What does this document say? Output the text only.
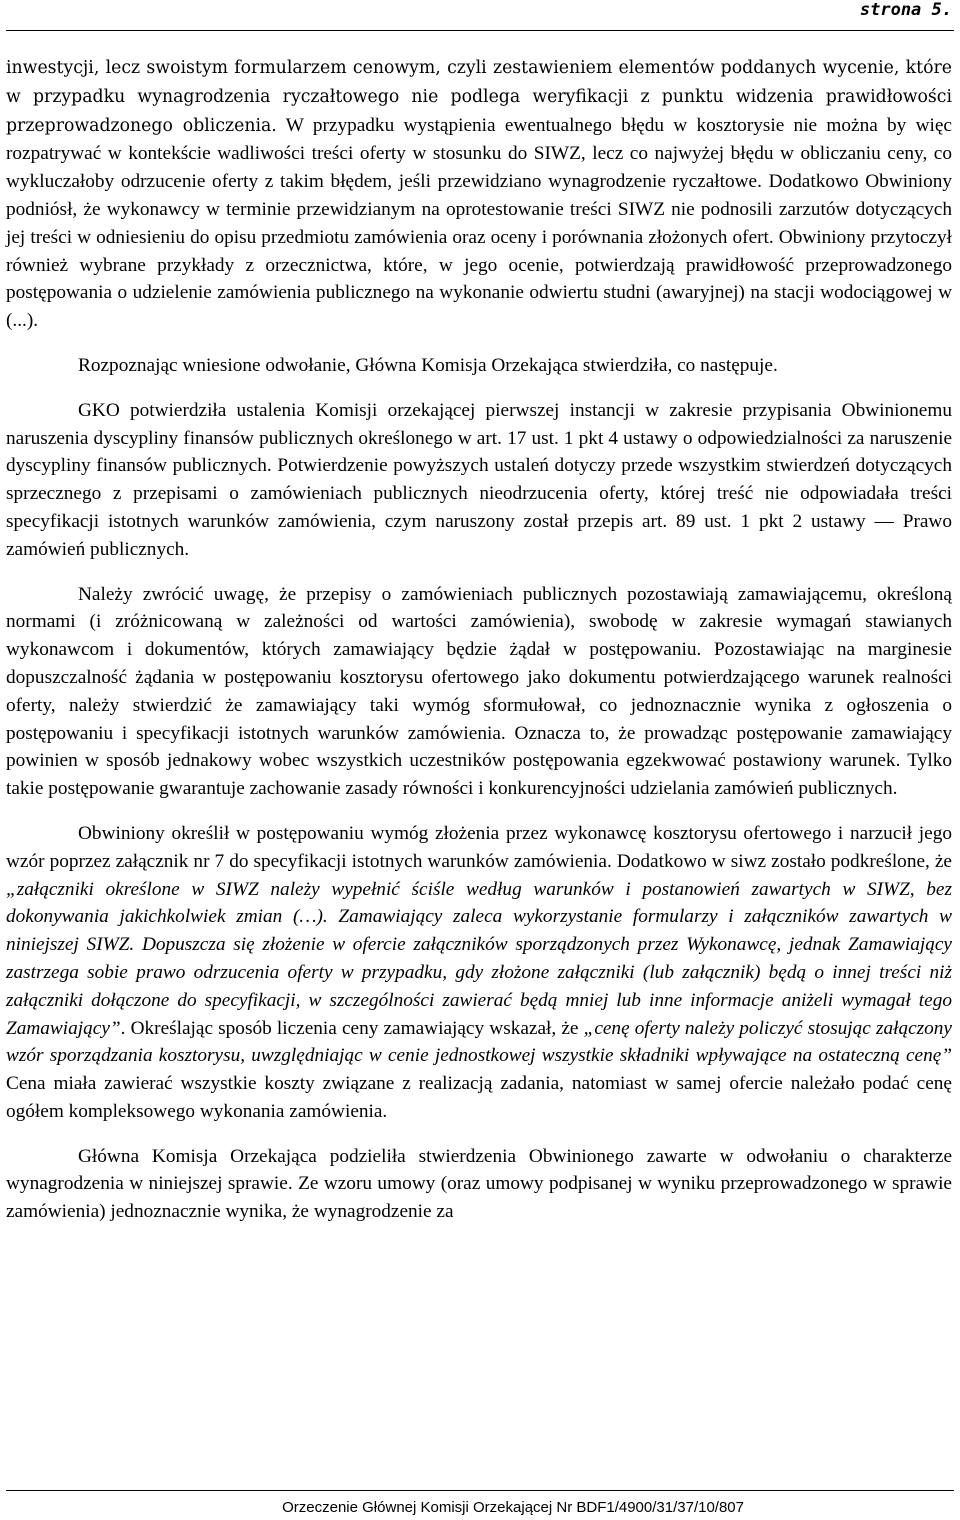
strona 5.

inwestycji, lecz swoistym formularzem cenowym, czyli zestawieniem elementów poddanych wycenie, które w przypadku wynagrodzenia ryczałtowego nie podlega weryfikacji z punktu widzenia prawidłowości przeprowadzonego obliczenia. W przypadku wystąpienia ewentualnego błędu w kosztorysie nie można by więc rozpatrywać w kontekście wadliwości treści oferty w stosunku do SIWZ, lecz co najwyżej błędu w obliczaniu ceny, co wykluczałoby odrzucenie oferty z takim błędem, jeśli przewidziano wynagrodzenie ryczałtowe. Dodatkowo Obwiniony podniósł, że wykonawcy w terminie przewidzianym na oprotestowanie treści SIWZ nie podnosili zarzutów dotyczących jej treści w odniesieniu do opisu przedmiotu zamówienia oraz oceny i porównania złożonych ofert. Obwiniony przytoczył również wybrane przykłady z orzecznictwa, które, w jego ocenie, potwierdzają prawidłowość przeprowadzonego postępowania o udzielenie zamówienia publicznego na wykonanie odwiertu studni (awaryjnej) na stacji wodociągowej w (...).

Rozpoznając wniesione odwołanie, Główna Komisja Orzekająca stwierdziła, co następuje.

GKO potwierdziła ustalenia Komisji orzekającej pierwszej instancji w zakresie przypisania Obwinionemu naruszenia dyscypliny finansów publicznych określonego w art. 17 ust. 1 pkt 4 ustawy o odpowiedzialności za naruszenie dyscypliny finansów publicznych. Potwierdzenie powyższych ustaleń dotyczy przede wszystkim stwierdzeń dotyczących sprzecznego z przepisami o zamówieniach publicznych nieodrzucenia oferty, której treść nie odpowiadała treści specyfikacji istotnych warunków zamówienia, czym naruszony został przepis art. 89 ust. 1 pkt 2 ustawy — Prawo zamówień publicznych.

Należy zwrócić uwagę, że przepisy o zamówieniach publicznych pozostawiają zamawiającemu, określoną normami (i zróżnicowaną w zależności od wartości zamówienia), swobodę w zakresie wymagań stawianych wykonawcom i dokumentów, których zamawiający będzie żądał w postępowaniu. Pozostawiając na marginesie dopuszczalność żądania w postępowaniu kosztorysu ofertowego jako dokumentu potwierdzającego warunek realności oferty, należy stwierdzić że zamawiający taki wymóg sformułował, co jednoznacznie wynika z ogłoszenia o postępowaniu i specyfikacji istotnych warunków zamówienia. Oznacza to, że prowadząc postępowanie zamawiający powinien w sposób jednakowy wobec wszystkich uczestników postępowania egzekwować postawiony warunek. Tylko takie postępowanie gwarantuje zachowanie zasady równości i konkurencyjności udzielania zamówień publicznych.

Obwiniony określił w postępowaniu wymóg złożenia przez wykonawcę kosztorysu ofertowego i narzucił jego wzór poprzez załącznik nr 7 do specyfikacji istotnych warunków zamówienia. Dodatkowo w siwz zostało podkreślone, że „załączniki określone w SIWZ należy wypełnić ściśle według warunków i postanowień zawartych w SIWZ, bez dokonywania jakichkolwiek zmian (…). Zamawiający zaleca wykorzystanie formularzy i załączników zawartych w niniejszej SIWZ. Dopuszcza się złożenie w ofercie załączników sporządzonych przez Wykonawcę, jednak Zamawiający zastrzega sobie prawo odrzucenia oferty w przypadku, gdy złożone załączniki (lub załącznik) będą o innej treści niż załączniki dołączone do specyfikacji, w szczególności zawierać będą mniej lub inne informacje aniżeli wymagał tego Zamawiający”. Określając sposób liczenia ceny zamawiający wskazał, że „cenę oferty należy policzyć stosując załączony wzór sporządzania kosztorysu, uwzględniając w cenie jednostkowej wszystkie składniki wpływające na ostateczną cenę” Cena miała zawierać wszystkie koszty związane z realizacją zadania, natomiast w samej ofercie należało podać cenę ogółem kompleksowego wykonania zamówienia.

Główna Komisja Orzekająca podzieliła stwierdzenia Obwinionego zawarte w odwołaniu o charakterze wynagrodzenia w niniejszej sprawie. Ze wzoru umowy (oraz umowy podpisanej w wyniku przeprowadzonego w sprawie zamówienia) jednoznacznie wynika, że wynagrodzenie za

Orzeczenie Głównej Komisji Orzekającej Nr BDF1/4900/31/37/10/807
